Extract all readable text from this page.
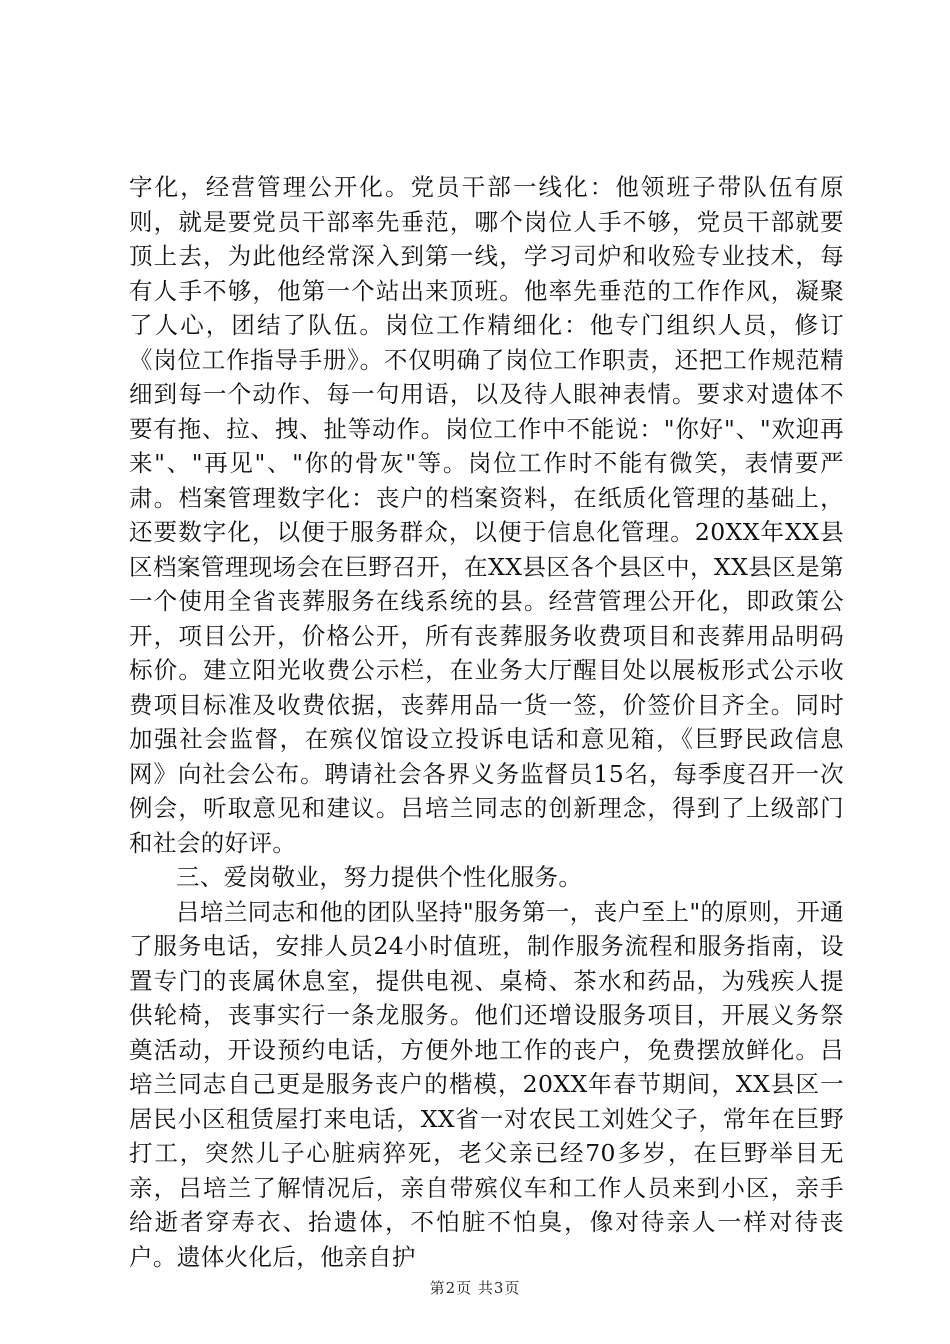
字化，经营管理公开化。党员干部一线化：他领班子带队伍有原则，就是要党员干部率先垂范，哪个岗位人手不够，党员干部就要顶上去，为此他经常深入到第一线，学习司炉和收殓专业技术，每有人手不够，他第一个站出来顶班。他率先垂范的工作作风，凝聚了人心，团结了队伍。岗位工作精细化：他专门组织人员，修订《岗位工作指导手册》。不仅明确了岗位工作职责，还把工作规范精细到每一个动作、每一句用语，以及待人眼神表情。要求对遗体不要有拖、拉、拽、扯等动作。岗位工作中不能说："你好"、"欢迎再来"、"再见"、"你的骨灰"等。岗位工作时不能有微笑，表情要严肃。档案管理数字化：丧户的档案资料，在纸质化管理的基础上，还要数字化，以便于服务群众，以便于信息化管理。20XX年XX县区档案管理现场会在巨野召开，在XX县区各个县区中，XX县区是第一个使用全省丧葬服务在线系统的县。经营管理公开化，即政策公开，项目公开，价格公开，所有丧葬服务收费项目和丧葬用品明码标价。建立阳光收费公示栏，在业务大厅醒目处以展板形式公示收费项目标准及收费依据，丧葬用品一货一签，价签价目齐全。同时加强社会监督，在殡仪馆设立投诉电话和意见箱，《巨野民政信息网》向社会公布。聘请社会各界义务监督员15名，每季度召开一次例会，听取意见和建议。吕培兰同志的创新理念，得到了上级部门和社会的好评。

三、爱岗敬业，努力提供个性化服务。

吕培兰同志和他的团队坚持"服务第一，丧户至上"的原则，开通了服务电话，安排人员24小时值班，制作服务流程和服务指南，设置专门的丧属休息室，提供电视、桌椅、茶水和药品，为残疾人提供轮椅，丧事实行一条龙服务。他们还增设服务项目，开展义务祭奠活动，开设预约电话，方便外地工作的丧户，免费摆放鲜化。吕培兰同志自己更是服务丧户的楷模，20XX年春节期间，XX县区一居民小区租赁屋打来电话，XX省一对农民工刘姓父子，常年在巨野打工，突然儿子心脏病猝死，老父亲已经70多岁，在巨野举目无亲，吕培兰了解情况后，亲自带殡仪车和工作人员来到小区，亲手给逝者穿寿衣、抬遗体，不怕脏不怕臭，像对待亲人一样对待丧户。遗体火化后，他亲自护

第2页 共3页
